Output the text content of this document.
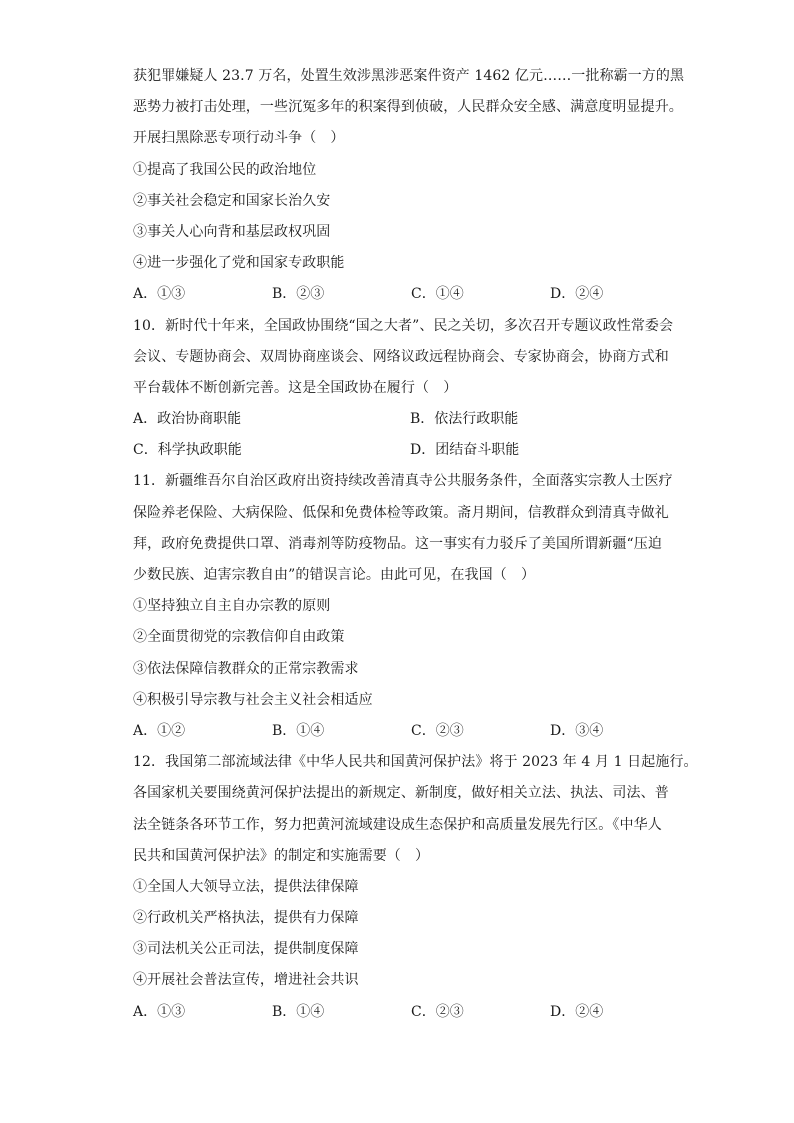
获犯罪嫌疑人 23.7 万名，处置生效涉黑涉恶案件资产 1462 亿元……一批称霸一方的黑
恶势力被打击处理，一些沉冤多年的积案得到侦破，人民群众安全感、满意度明显提升。
开展扫黑除恶专项行动斗争（　）
①提高了我国公民的政治地位
②事关社会稳定和国家长治久安
③事关人心向背和基层政权巩固
④进一步强化了党和国家专政职能
A．①③	B．②③	C．①④	D．②④
10．新时代十年来，全国政协围绕“国之大者”、民之关切，多次召开专题议政性常委会
会议、专题协商会、双周协商座谈会、网络议政远程协商会、专家协商会，协商方式和
平台载体不断创新完善。这是全国政协在履行（　）
A．政治协商职能	B．依法行政职能
C．科学执政职能	D．团结奋斗职能
11．新疆维吾尔自治区政府出资持续改善清真寺公共服务条件，全面落实宗教人士医疗
保险养老保险、大病保险、低保和免费体检等政策。斋月期间，信教群众到清真寺做礼
拜，政府免费提供口罩、消毒剂等防疫物品。这一事实有力驳斥了美国所谓新疆“压迫
少数民族、迫害宗教自由”的错误言论。由此可见，在我国（　）
①坚持独立自主自办宗教的原则
②全面贯彻党的宗教信仰自由政策
③依法保障信教群众的正常宗教需求
④积极引导宗教与社会主义社会相适应
A．①②	B．①④	C．②③	D．③④
12．我国第二部流域法律《中华人民共和国黄河保护法》将于 2023 年 4 月 1 日起施行。
各国家机关要围绕黄河保护法提出的新规定、新制度，做好相关立法、执法、司法、普
法全链条各环节工作，努力把黄河流域建设成生态保护和高质量发展先行区。《中华人
民共和国黄河保护法》的制定和实施需要（　）
①全国人大领导立法，提供法律保障
②行政机关严格执法，提供有力保障
③司法机关公正司法，提供制度保障
④开展社会普法宣传，增进社会共识
A．①③	B．①④	C．②③	D．②④
